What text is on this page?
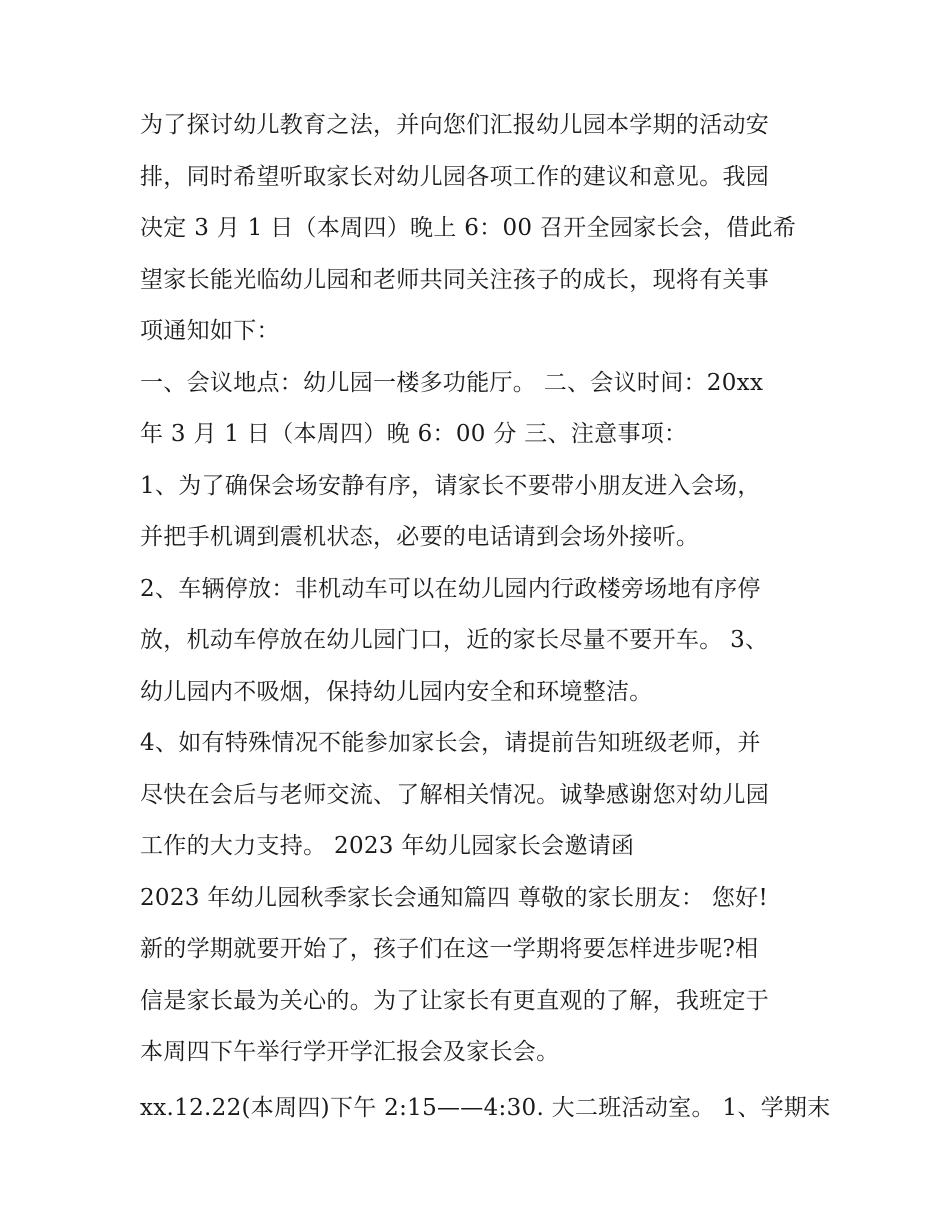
为了探讨幼儿教育之法，并向您们汇报幼儿园本学期的活动安
排，同时希望听取家长对幼儿园各项工作的建议和意见。我园
决定 3 月 1 日（本周四）晚上 6：00 召开全园家长会，借此希
望家长能光临幼儿园和老师共同关注孩子的成长，现将有关事
项通知如下：
一、会议地点：幼儿园一楼多功能厅。 二、会议时间：20xx
年 3 月 1 日（本周四）晚 6：00 分 三、注意事项：
1、为了确保会场安静有序，请家长不要带小朋友进入会场，
并把手机调到震机状态，必要的电话请到会场外接听。
2、车辆停放：非机动车可以在幼儿园内行政楼旁场地有序停
放，机动车停放在幼儿园门口，近的家长尽量不要开车。 3、
幼儿园内不吸烟，保持幼儿园内安全和环境整洁。
4、如有特殊情况不能参加家长会，请提前告知班级老师，并
尽快在会后与老师交流、了解相关情况。诚挚感谢您对幼儿园
工作的大力支持。 2023 年幼儿园家长会邀请函
2023 年幼儿园秋季家长会通知篇四 尊敬的家长朋友： 您好!
新的学期就要开始了，孩子们在这一学期将要怎样进步呢?相
信是家长最为关心的。为了让家长有更直观的了解，我班定于
本周四下午举行学开学汇报会及家长会。
xx.12.22(本周四)下午 2:15——4:30. 大二班活动室。 1、学期末
